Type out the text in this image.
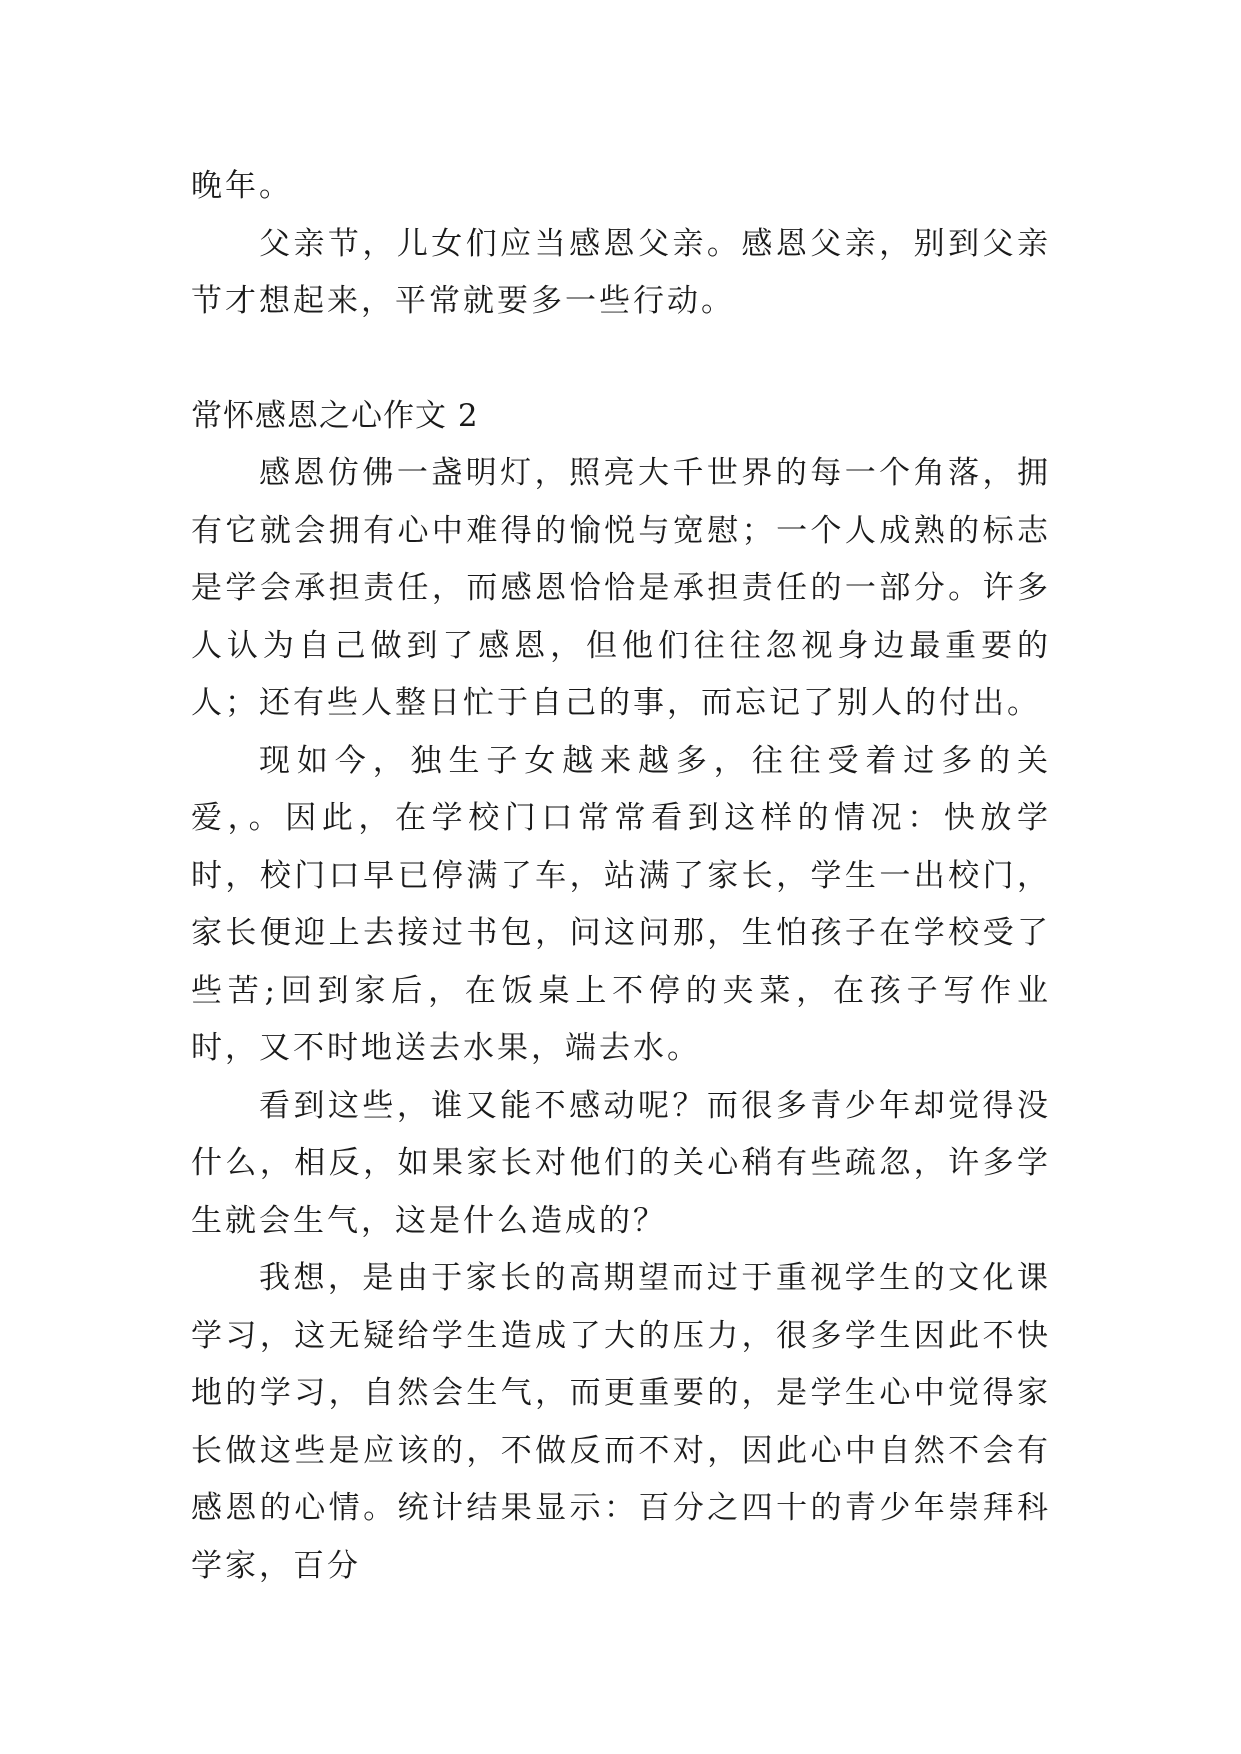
晚年。

父亲节，儿女们应当感恩父亲。感恩父亲，别到父亲节才想起来，平常就要多一些行动。

常怀感恩之心作文 2

感恩仿佛一盏明灯，照亮大千世界的每一个角落，拥有它就会拥有心中难得的愉悦与宽慰；一个人成熟的标志是学会承担责任，而感恩恰恰是承担责任的一部分。许多人认为自己做到了感恩，但他们往往忽视身边最重要的人；还有些人整日忙于自己的事，而忘记了别人的付出。

现如今，独生子女越来越多，往往受着过多的关爱，。因此，在学校门口常常看到这样的情况：快放学时，校门口早已停满了车，站满了家长，学生一出校门，家长便迎上去接过书包，问这问那，生怕孩子在学校受了些苦;回到家后，在饭桌上不停的夹菜，在孩子写作业时，又不时地送去水果，端去水。

看到这些，谁又能不感动呢？而很多青少年却觉得没什么，相反，如果家长对他们的关心稍有些疏忽，许多学生就会生气，这是什么造成的？

我想，是由于家长的高期望而过于重视学生的文化课学习，这无疑给学生造成了大的压力，很多学生因此不快地的学习，自然会生气，而更重要的，是学生心中觉得家长做这些是应该的，不做反而不对，因此心中自然不会有感恩的心情。统计结果显示：百分之四十的青少年崇拜科学家，百分
